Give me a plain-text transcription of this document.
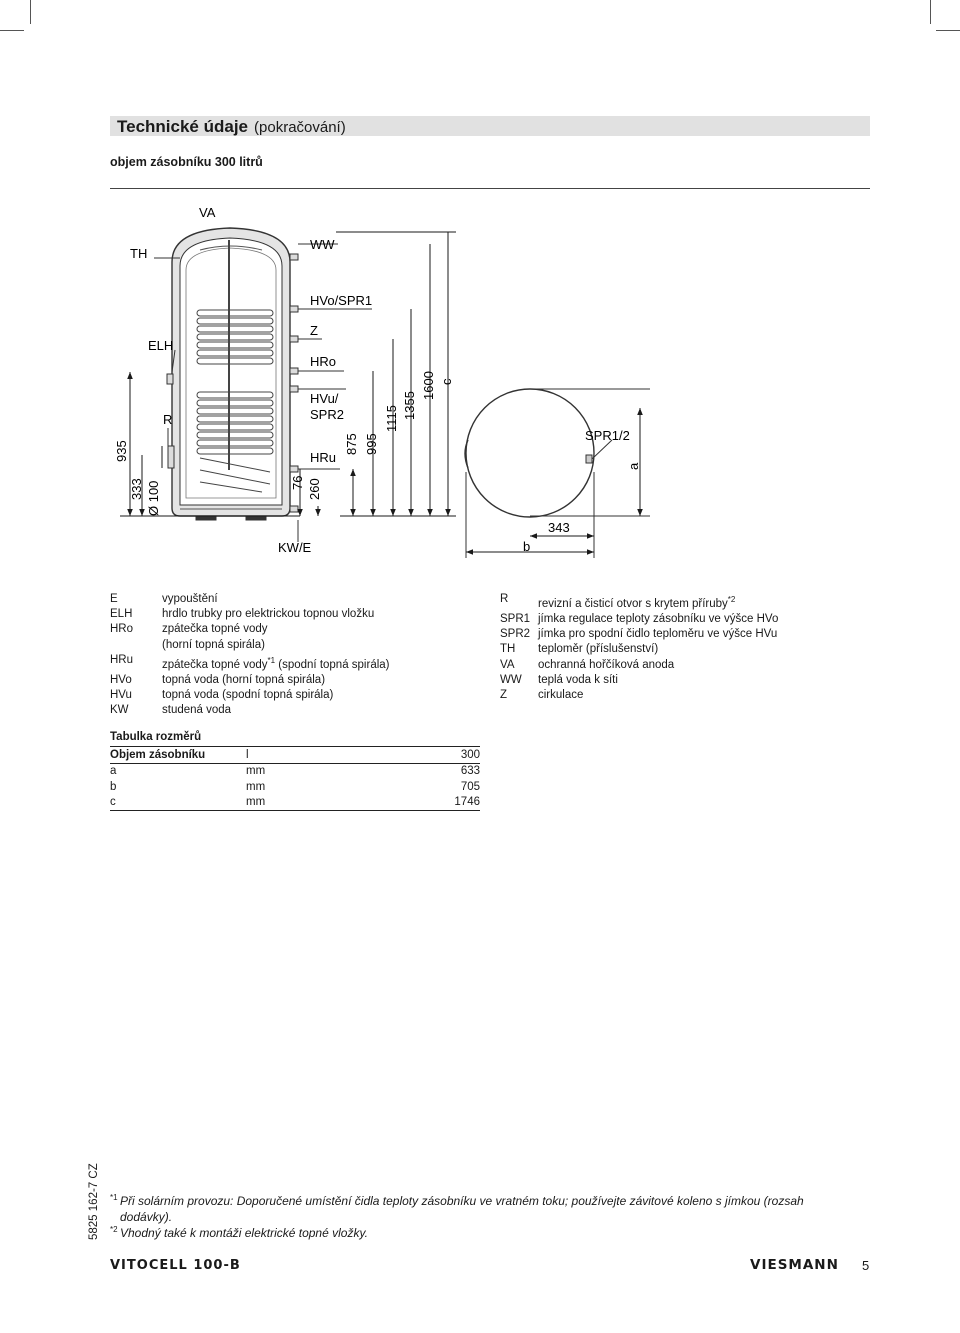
Technické údaje (pokračování)
objem zásobníku 300 litrů
TH
VA
ELH
R
WW
HVo/SPR1
Z
HRo
HVu/
SPR2
HRu
KW/E
935
333 Ø 100	76 260
875 995
1115 1355
1600 c
SPR1/2
a
343
b
E	vypouštění
ELH	hrdlo trubky pro elektrickou topnou vložku
HRo	zpátečka topné vody
(horní topná spirála)
HRu	zpátečka topné vody$^{*1}$ (spodní topná spirála)
HVo	topná voda (horní topná spirála)
HVu	topná voda (spodní topná spirála)
KW	studená voda
R	revizní a čisticí otvor s krytem příruby$^{*2}$
SPR1 jímka regulace teploty zásobníku ve výšce HVo
SPR2 jímka pro spodní čidlo teploměru ve výšce HVu
TH	teploměr (příslušenství)
VA	ochranná hořčíková anoda
WW	teplá voda k síti
Z	cirkulace
Tabulka rozměrů
Objem zásobníku	l	300
a	mm	633
b	mm	705
c	mm	1746
5825 162-7 CZ *1 Při solárním provozu: Doporučené umístění čidla teploty zásobníku ve vratném toku; používejte závitové koleno s jímkou (rozsah dodávky).
*2 Vhodný také k montáži elektrické topné vložky.
VITOCELL 100-B	VIESMANN 5
